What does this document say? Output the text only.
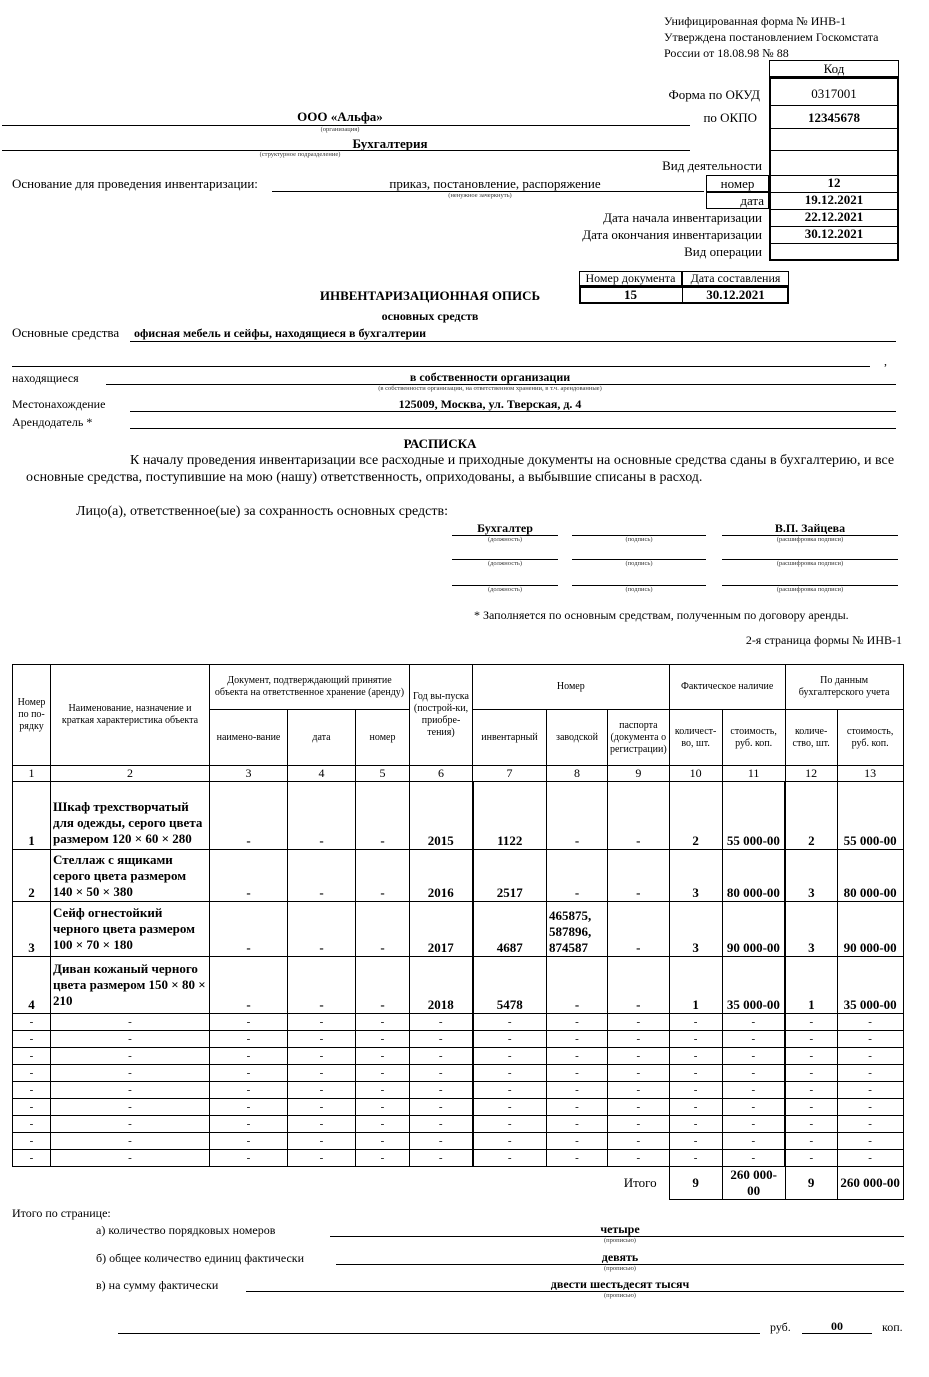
Унифицированная форма № ИНВ-1
Утверждена постановлением Госкомстата
России от 18.08.98 № 88
Код
Форма по ОКУД	0317001
по ОКПО	12345678
Вид деятельности
номер	12
дата	19.12.2021
Дата начала инвентаризации	22.12.2021
Дата окончания инвентаризации	30.12.2021
Вид операции
ООО «Альфа»
(организация)
Бухгалтерия
(структурное подразделение)
Основание для проведения инвентаризации:	приказ, постановление, распоряжение
(ненужное зачеркнуть)
Номер документа	Дата составления
15	30.12.2021
ИНВЕНТАРИЗАЦИОННАЯ ОПИСЬ
основных средств
Основные средства офисная мебель и сейфы, находящиеся в бухгалтерии
,
находящиеся	в собственности организации
(в собственности организации, на ответственном хранении, в т.ч. арендованные)
Местонахождение	125009, Москва, ул. Тверская, д. 4
Арендодатель *
РАСПИСКА
К началу проведения инвентаризации все расходные и приходные документы на основные средства сданы в бухгалтерию, и все
основные средства, поступившие на мою (нашу) ответственность, оприходованы, а выбывшие списаны в расход.
Лицо(а), ответственное(ые) за сохранность основных средств:
Бухгалтер	В.П. Зайцева
(должность)	(подпись)	(расшифровка подписи)
(должность)	(подпись)	(расшифровка подписи)
(должность)	(подпись)	(расшифровка подписи)
* Заполняется по основным средствам, полученным по договору аренды.
2-я страница формы № ИНВ-1
Номер по по-рядку	Наименование, назначение и краткая характеристика объекта	Документ, подтверждающий принятие объекта на ответственное хранение (аренду)			Год вы-пуска (построй-ки, приобре-тения)	Номер			Фактическое наличие		По данным бухгалтерского учета	
		наимено-вание	дата	номер		инвентарный	заводской	паспорта (документа о регистрации)	количест-во, шт.	стоимость, руб. коп.	количе-ство, шт.	стоимость, руб. коп.
1	2	3	4	5	6	7	8	9	10	11	12	13
1	Шкаф трехстворчатый для одежды, серого цвета размером 120 × 60 × 280	-	-	-	2015	1122	-	-	2	55 000-00	2	55 000-00
2	Стеллаж с ящиками серого цвета размером 140 × 50 × 380	-	-	-	2016	2517	-	-	3	80 000-00	3	80 000-00
3	Сейф огнестойкий черного цвета размером 100 × 70 × 180	-	-	-	2017	4687	465875, 587896, 874587	-	3	90 000-00	3	90 000-00
4	Диван кожаный черного цвета размером 150 × 80 × 210	-	-	-	2018	5478	-	-	1	35 000-00	1	35 000-00
-	-	-	-	-	-	-	-	-	-	-	-	-
-	-	-	-	-	-	-	-	-	-	-	-	-
-	-	-	-	-	-	-	-	-	-	-	-	-
-	-	-	-	-	-	-	-	-	-	-	-	-
-	-	-	-	-	-	-	-	-	-	-	-	-
-	-	-	-	-	-	-	-	-	-	-	-	-
-	-	-	-	-	-	-	-	-	-	-	-	-
-	-	-	-	-	-	-	-	-	-	-	-	-
-	-	-	-	-	-	-	-	-	-	-	-	-
Итого									9	260 000-00	9	260 000-00
Итого по странице:
а) количество порядковых номеров	четыре
(прописью)
б) общее количество единиц фактически	девять
(прописью)
в) на сумму фактически	двести шестьдесят тысяч
(прописью)
руб.	00	коп.
